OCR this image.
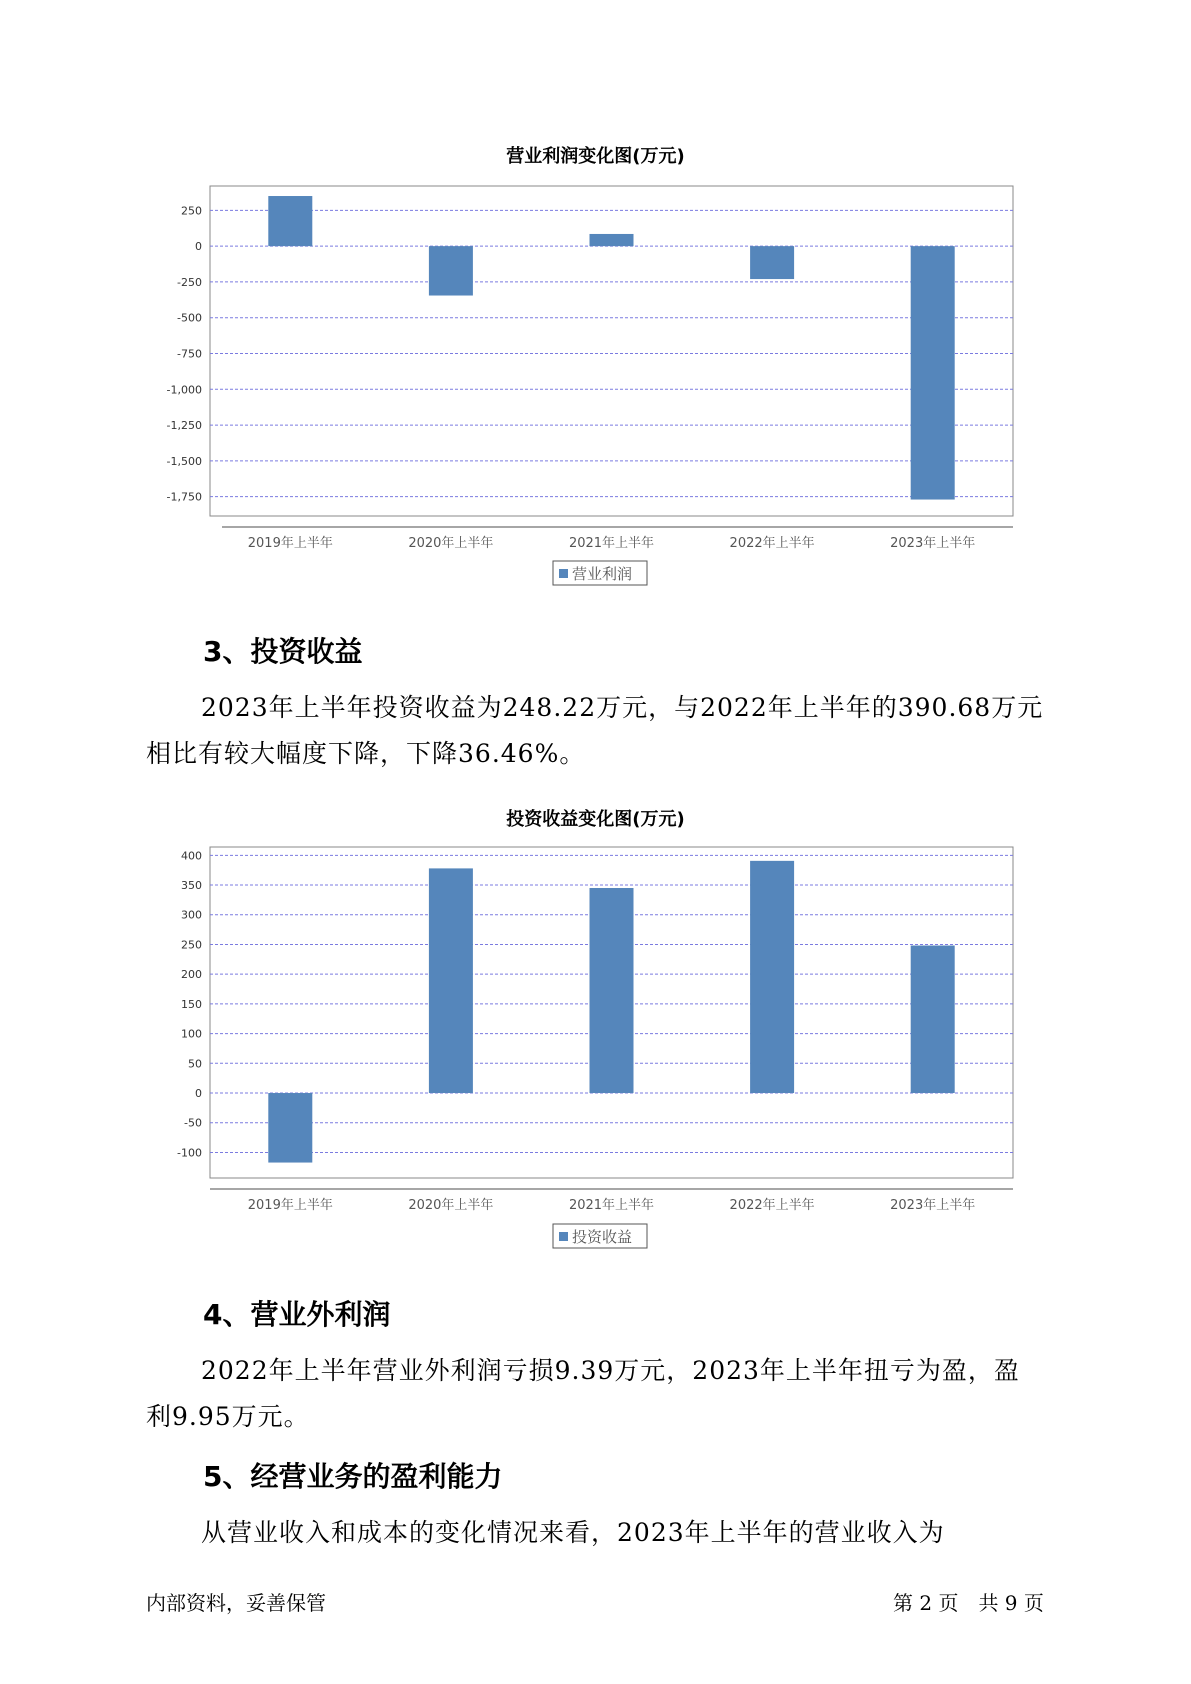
营业利润变化图(万元)
250
0
-250
-500
-750
-1,000
-1,250
-1,500
-1,750
2019年上半年	2020年上半年	2021年上半年	2022年上半年	2023年上半年
营业利润
3、投资收益
2023年上半年投资收益为248.22万元，与2022年上半年的390.68万元
相比有较大幅度下降，下降36.46%。
投资收益变化图(万元)
400
350
300
250
200
150
100
50
0
-50
-100
2019年上半年	2020年上半年	2021年上半年	2022年上半年	2023年上半年
投资收益
4、营业外利润
2022年上半年营业外利润亏损9.39万元，2023年上半年扭亏为盈，盈
利9.95万元。
5、经营业务的盈利能力
从营业收入和成本的变化情况来看，2023年上半年的营业收入为
内部资料，妥善保管	第 2 页　共 9 页
